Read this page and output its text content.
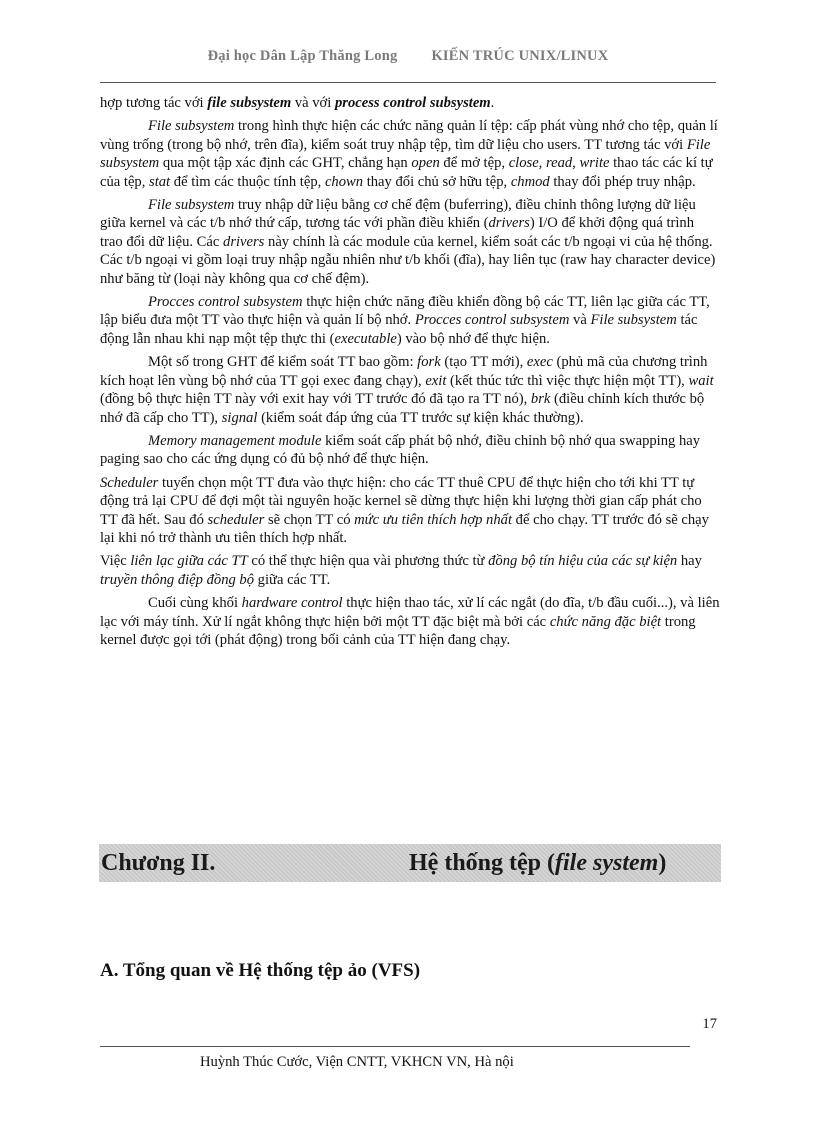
Đại học Dân Lập Thăng Long KIẾN TRÚC UNIX/LINUX

hợp tương tác với file subsystem và với process control subsystem.

File subsystem trong hình thực hiện các chức năng quản lí tệp: cấp phát vùng nhớ cho tệp, quản lí vùng trống (trong bộ nhớ, trên đĩa), kiểm soát truy nhập tệp, tìm dữ liệu cho users. TT tương tác với File subsystem qua một tập xác định các GHT, chẳng hạn open để mở tệp, close, read, write thao tác các kí tự của tệp, stat để tìm các thuộc tính tệp, chown thay đổi chủ sở hữu tệp, chmod thay đổi phép truy nhập.

File subsystem truy nhập dữ liệu bằng cơ chế đệm (buferring), điều chỉnh thông lượng dữ liệu giữa kernel và các t/b nhớ thứ cấp, tương tác với phần điều khiển (drivers) I/O để khởi động quá trình trao đổi dữ liệu. Các drivers này chính là các module của kernel, kiểm soát các t/b ngoại vi của hệ thống. Các t/b ngoại vi gồm loại truy nhập ngẫu nhiên như t/b khối (đĩa), hay liên tục (raw hay character device) như băng từ (loại này không qua cơ chế đệm).

Procces control subsystem thực hiện chức năng điều khiển đồng bộ các TT, liên lạc giữa các TT, lập biểu đưa một TT vào thực hiện và quản lí bộ nhớ. Procces control subsystem và File subsystem tác động lẫn nhau khi nạp một tệp thực thi (executable) vào bộ nhớ để thực hiện.

Một số trong GHT để kiểm soát TT bao gồm: fork (tạo TT mới), exec (phủ mã của chương trình kích hoạt lên vùng bộ nhớ của TT gọi exec đang chạy), exit (kết thúc tức thì việc thực hiện một TT), wait (đồng bộ thực hiện TT này với exit hay với TT trước đó đã tạo ra TT nó), brk (điều chỉnh kích thước bộ nhớ đã cấp cho TT), signal (kiểm soát đáp ứng của TT trước sự kiện khác thường).

Memory management module kiểm soát cấp phát bộ nhớ, điều chỉnh bộ nhớ qua swapping hay paging sao cho các ứng dụng có đủ bộ nhớ để thực hiện.

Scheduler tuyển chọn một TT đưa vào thực hiện: cho các TT thuê CPU để thực hiện cho tới khi TT tự động trả lại CPU để đợi một tài nguyên hoặc kernel sẽ dừng thực hiện khi lượng thời gian cấp phát cho TT đã hết. Sau đó scheduler sẽ chọn TT có mức ưu tiên thích hợp nhất để cho chạy. TT trước đó sẽ chạy lại khi nó trở thành ưu tiên thích hợp nhất.

Việc liên lạc giữa các TT có thể thực hiện qua vài phương thức từ đồng bộ tín hiệu của các sự kiện hay truyền thông điệp đồng bộ giữa các TT.

Cuối cùng khối hardware control thực hiện thao tác, xử lí các ngắt (do đĩa, t/b đầu cuối...), và liên lạc với máy tính. Xử lí ngắt không thực hiện bởi một TT đặc biệt mà bởi các chức năng đặc biệt trong kernel được gọi tới (phát động) trong bối cảnh của TT hiện đang chạy.

Chương II.	Hệ thống tệp (file system)
A. Tổng quan về Hệ thống tệp ảo (VFS)
17
Huỳnh Thúc Cước, Viện CNTT, VKHCN VN, Hà nội
